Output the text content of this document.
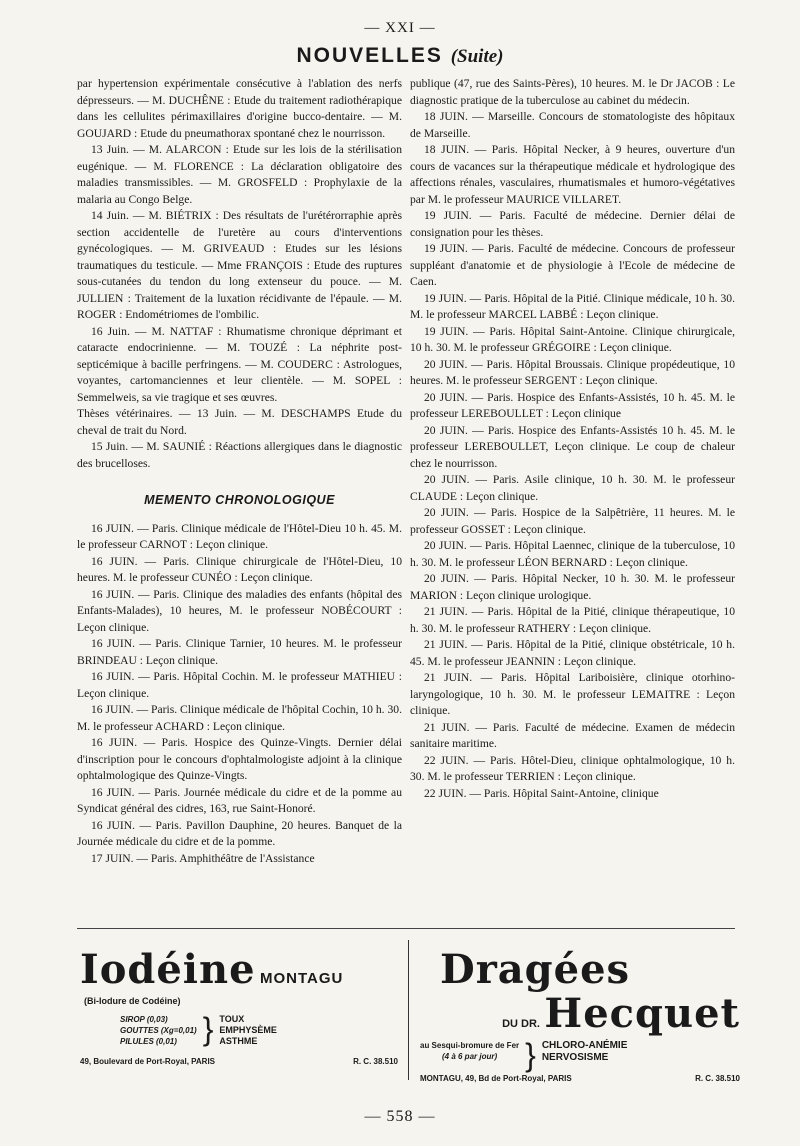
— XXI —
NOUVELLES (Suite)

par hypertension expérimentale consécutive à l'ablation des nerfs dépresseurs. — M. DUCHÊNE : Etude du traitement radiothérapique dans les cellulites périmaxillaires d'origine bucco-dentaire. — M. GOUJARD : Etude du pneumathorax spontané chez le nourrisson.

13 Juin. — M. ALARCON : Etude sur les lois de la stérilisation eugénique. — M. FLORENCE : La déclaration obligatoire des maladies transmissibles. — M. GROSFELD : Prophylaxie de la malaria au Congo Belge.

14 Juin. — M. BIÉTRIX : Des résultats de l'urétérorraphie après section accidentelle de l'uretère au cours d'interventions gynécologiques. — M. GRIVEAUD : Etudes sur les lésions traumatiques du testicule. — Mme FRANÇOIS : Etude des ruptures sous-cutanées du tendon du long extenseur du pouce. — M. JULLIEN : Traitement de la luxation récidivante de l'épaule. — M. ROGER : Endométriomes de l'ombilic.

16 Juin. — M. NATTAF : Rhumatisme chronique déprimant et cataracte endocrinienne. — M. TOUZÉ : La néphrite post-septicémique à bacille perfringens. — M. COUDERC : Astrologues, voyantes, cartomanciennes et leur clientèle. — M. SOPEL : Semmelweis, sa vie tragique et ses œuvres.

Thèses vétérinaires. — 13 Juin. — M. DESCHAMPS Etude du cheval de trait du Nord.

15 Juin. — M. SAUNIÉ : Réactions allergiques dans le diagnostic des brucelloses.

MEMENTO CHRONOLOGIQUE

16 JUIN. — Paris. Clinique médicale de l'Hôtel-Dieu 10 h. 45. M. le professeur CARNOT : Leçon clinique.

16 JUIN. — Paris. Clinique chirurgicale de l'Hôtel-Dieu, 10 heures. M. le professeur CUNÉO : Leçon clinique.

16 JUIN. — Paris. Clinique des maladies des enfants (hôpital des Enfants-Malades), 10 heures, M. le professeur NOBÉCOURT : Leçon clinique.

16 JUIN. — Paris. Clinique Tarnier, 10 heures. M. le professeur BRINDEAU : Leçon clinique.

16 JUIN. — Paris. Hôpital Cochin. M. le professeur MATHIEU : Leçon clinique.

16 JUIN. — Paris. Clinique médicale de l'hôpital Cochin, 10 h. 30. M. le professeur ACHARD : Leçon clinique.

16 JUIN. — Paris. Hospice des Quinze-Vingts. Dernier délai d'inscription pour le concours d'ophtalmologiste adjoint à la clinique ophtalmologique des Quinze-Vingts.

16 JUIN. — Paris. Journée médicale du cidre et de la pomme au Syndicat général des cidres, 163, rue Saint-Honoré.

16 JUIN. — Paris. Pavillon Dauphine, 20 heures. Banquet de la Journée médicale du cidre et de la pomme.

17 JUIN. — Paris. Amphithéâtre de l'Assistance

publique (47, rue des Saints-Pères), 10 heures. M. le Dr JACOB : Le diagnostic pratique de la tuberculose au cabinet du médecin.

18 JUIN. — Marseille. Concours de stomatologiste des hôpitaux de Marseille.

18 JUIN. — Paris. Hôpital Necker, à 9 heures, ouverture d'un cours de vacances sur la thérapeutique médicale et hydrologique des affections rénales, vasculaires, rhumatismales et humoro-végétatives par M. le professeur MAURICE VILLARET.

19 JUIN. — Paris. Faculté de médecine. Dernier délai de consignation pour les thèses.

19 JUIN. — Paris. Faculté de médecine. Concours de professeur suppléant d'anatomie et de physiologie à l'Ecole de médecine de Caen.

19 JUIN. — Paris. Hôpital de la Pitié. Clinique médicale, 10 h. 30. M. le professeur MARCEL LABBÉ : Leçon clinique.

19 JUIN. — Paris. Hôpital Saint-Antoine. Clinique chirurgicale, 10 h. 30. M. le professeur GRÉGOIRE : Leçon clinique.

20 JUIN. — Paris. Hôpital Broussais. Clinique propédeutique, 10 heures. M. le professeur SERGENT : Leçon clinique.

20 JUIN. — Paris. Hospice des Enfants-Assistés, 10 h. 45. M. le professeur LEREBOULLET : Leçon clinique

20 JUIN. — Paris. Hospice des Enfants-Assistés 10 h. 45. M. le professeur LEREBOULLET, Leçon clinique. Le coup de chaleur chez le nourrisson.

20 JUIN. — Paris. Asile clinique, 10 h. 30. M. le professeur CLAUDE : Leçon clinique.

20 JUIN. — Paris. Hospice de la Salpêtrière, 11 heures. M. le professeur GOSSET : Leçon clinique.

20 JUIN. — Paris. Hôpital Laennec, clinique de la tuberculose, 10 h. 30. M. le professeur LÉON BERNARD : Leçon clinique.

20 JUIN. — Paris. Hôpital Necker, 10 h. 30. M. le professeur MARION : Leçon clinique urologique.

21 JUIN. — Paris. Hôpital de la Pitié, clinique thérapeutique, 10 h. 30. M. le professeur RATHERY : Leçon clinique.

21 JUIN. — Paris. Hôpital de la Pitié, clinique obstétricale, 10 h. 45. M. le professeur JEANNIN : Leçon clinique.

21 JUIN. — Paris. Hôpital Lariboisière, clinique otorhino-laryngologique, 10 h. 30. M. le professeur LEMAITRE : Leçon clinique.

21 JUIN. — Paris. Faculté de médecine. Examen de médecin sanitaire maritime.

22 JUIN. — Paris. Hôtel-Dieu, clinique ophtalmologique, 10 h. 30. M. le professeur TERRIEN : Leçon clinique.

22 JUIN. — Paris. Hôpital Saint-Antoine, clinique

Iodéine MONTAGU
(Bi-Iodure de Codéine)
SIROP (0,03)
GOUTTES (Xg=0,01)
PILULES (0,01) } TOUX
EMPHYSÈME
ASTHME
49, Boulevard de Port-Royal, PARIS	R. C. 38.510
Dragées
DU DR. Hecquet
au Sesqui-bromure de Fer
(4 à 6 par jour) } CHLORO-ANÉMIE
NERVOSISME
MONTAGU, 49, Bd de Port-Royal, PARIS	R. C. 38.510
— 558 —
